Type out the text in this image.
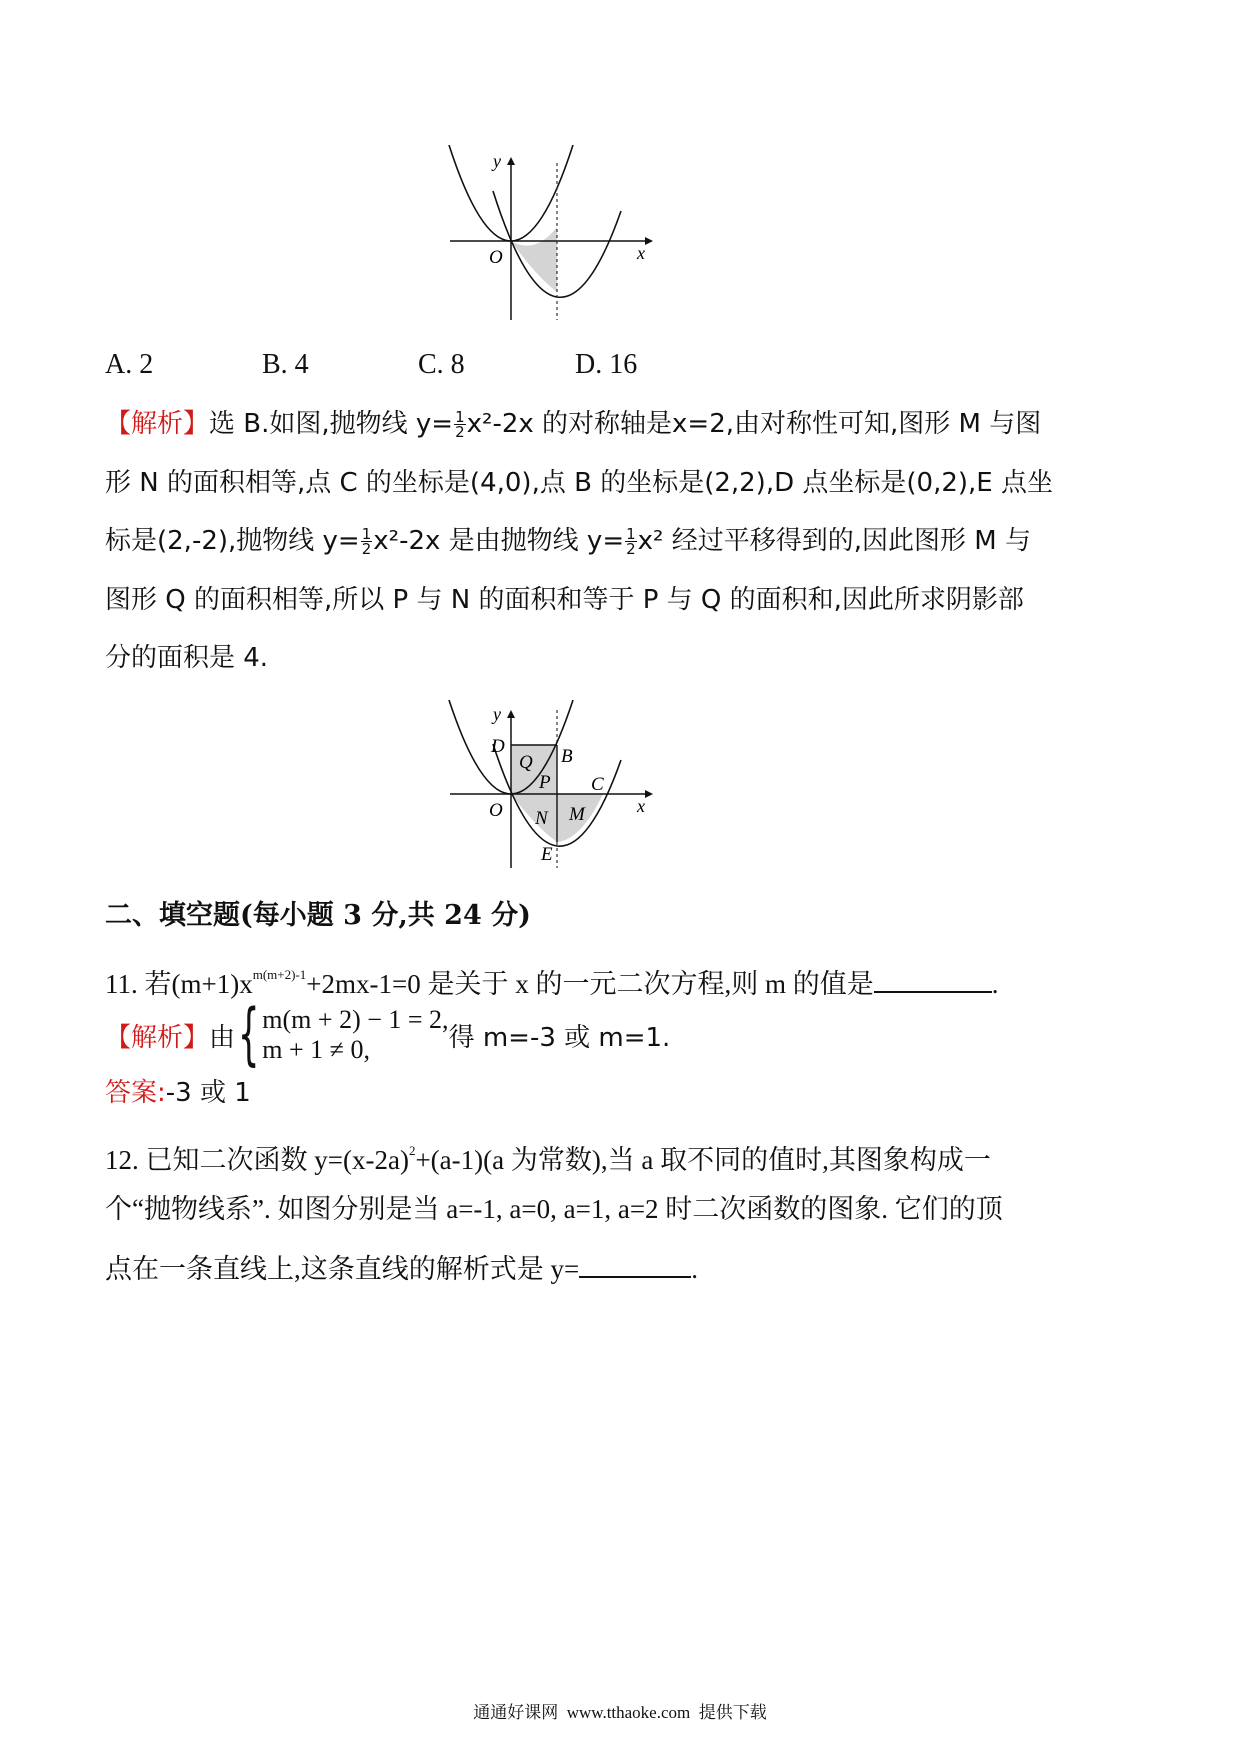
y
x
O
A. 2	B. 4	C. 8	D. 16
【解析】选 B.如图,抛物线 $y= \frac{1}{2} x^2-2x$ 的对称轴是x=2,由对称性可知,图形 M 与图
形 N 的面积相等,点 C 的坐标是(4,0),点 B 的坐标是(2,2),D 点坐标是(0,2),E 点坐
标是(2,-2),抛物线 $y= \frac{1}{2} x^2-2x$ 是由抛物线 $y= \frac{1}{2} x^2$ 经过平移得到的,因此图形 M 与
图形 Q 的面积相等,所以 P 与 N 的面积和等于 P 与 Q 的面积和,因此所求阴影部
分的面积是 4.
y
x
O
D	B
Q
P C
N M
E
二、填空题(每小题 3 分,共 24 分)
11. 若$(m+1)x^{m(m+2)-1}+2mx-1=0$ 是关于 x 的一元二次方程,则 m 的值是	.
【解析】 由 { m(m + 2) − 1 = 2,
m + 1 ≠ 0,	得 m=-3 或 m=1.
答案:-3 或 1
12. 已知二次函数 $y=(x-2a)^2+(a-1)(a$ 为常数),当 a 取不同的值时,其图象构成一
个“抛物线系”. 如图分别是当 a=-1, a=0, a=1, a=2 时二次函数的图象. 它们的顶
点在一条直线上,这条直线的解析式是 y=	.
通通好课网  www.tthaoke.com  提供下载
